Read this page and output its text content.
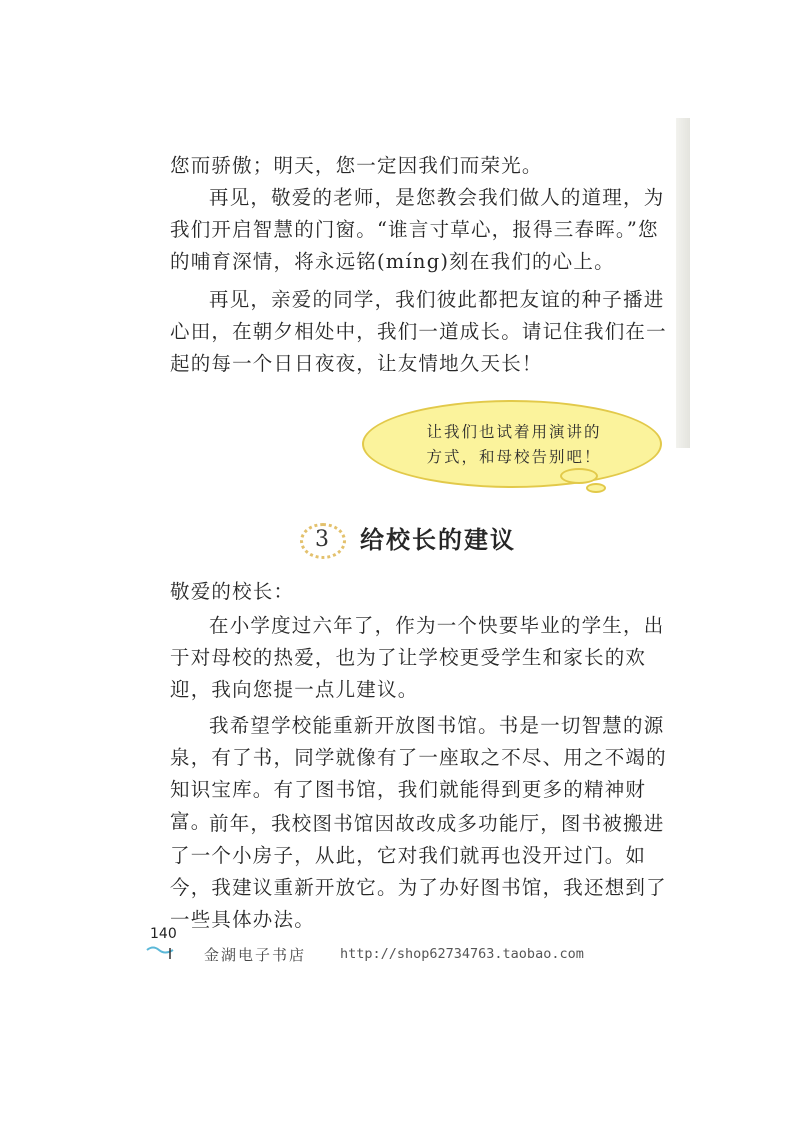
您而骄傲；明天，您一定因我们而荣光。

再见，敬爱的老师，是您教会我们做人的道理，为我们开启智慧的门窗。“谁言寸草心，报得三春晖。”您的哺育深情，将永远铭(míng)刻在我们的心上。

再见，亲爱的同学，我们彼此都把友谊的种子播进心田，在朝夕相处中，我们一道成长。请记住我们在一起的每一个日日夜夜，让友情地久天长！

让我们也试着用演讲的
方式，和母校告别吧！

3	给校长的建议

敬爱的校长：

在小学度过六年了，作为一个快要毕业的学生，出于对母校的热爱，也为了让学校更受学生和家长的欢迎，我向您提一点儿建议。

我希望学校能重新开放图书馆。书是一切智慧的源泉，有了书，同学就像有了一座取之不尽、用之不竭的知识宝库。有了图书馆，我们就能得到更多的精神财富。

前年，我校图书馆因故改成多功能厅，图书被搬进了一个小房子，从此，它对我们就再也没开过门。如今，我建议重新开放它。为了办好图书馆，我还想到了一些具体办法。

140
金湖电子书店	http://shop62734763.taobao.com
